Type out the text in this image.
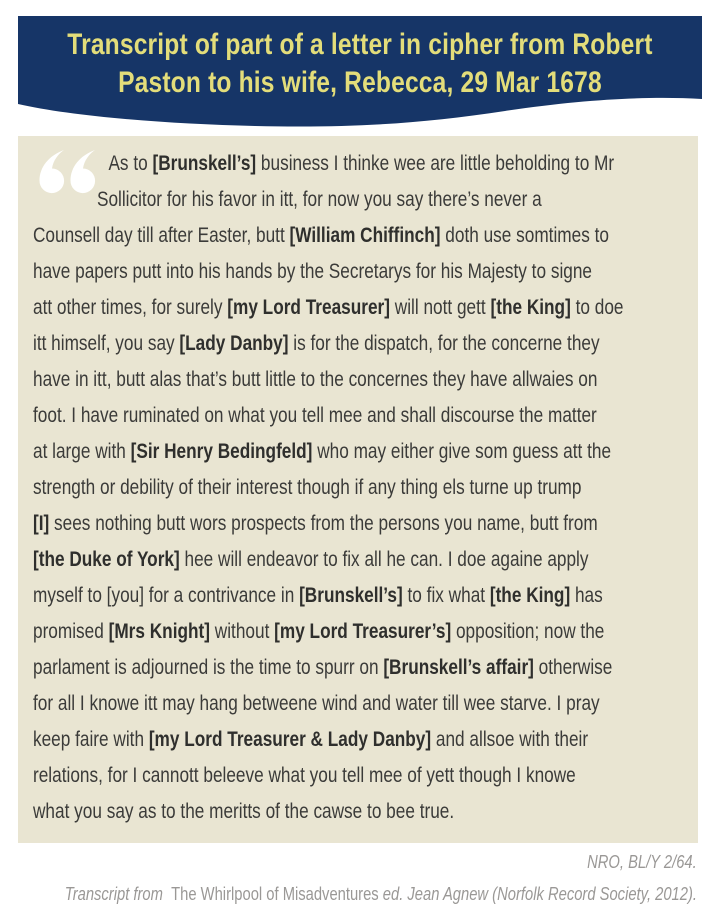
Transcript of part of a letter in cipher from Robert
Paston to his wife, Rebecca, 29 Mar 1678
As to [Brunskell’s] business I thinke wee are little beholding to Mr
Sollicitor for his favor in itt, for now you say there’s never a
Counsell day till after Easter, butt [William Chiffinch] doth use somtimes to
have papers putt into his hands by the Secretarys for his Majesty to signe
att other times, for surely [my Lord Treasurer] will nott gett [the King] to doe
itt himself, you say [Lady Danby] is for the dispatch, for the concerne they
have in itt, butt alas that’s butt little to the concernes they have allwaies on
foot. I have ruminated on what you tell mee and shall discourse the matter
at large with [Sir Henry Bedingfeld] who may either give som guess att the
strength or debility of their interest though if any thing els turne up trump
[I] sees nothing butt wors prospects from the persons you name, butt from
[the Duke of York] hee will endeavor to fix all he can. I doe againe apply
myself to [you] for a contrivance in [Brunskell’s] to fix what [the King] has
promised [Mrs Knight] without [my Lord Treasurer’s] opposition; now the
parlament is adjourned is the time to spurr on [Brunskell’s affair] otherwise
for all I knowe itt may hang betweene wind and water till wee starve. I pray
keep faire with [my Lord Treasurer & Lady Danby] and allsoe with their
relations, for I cannott beleeve what you tell mee of yett though I knowe
what you say as to the meritts of the cawse to bee true.
NRO, BL/Y 2/64.
Transcript from  The Whirlpool of Misadventures ed. Jean Agnew (Norfolk Record Society, 2012).
